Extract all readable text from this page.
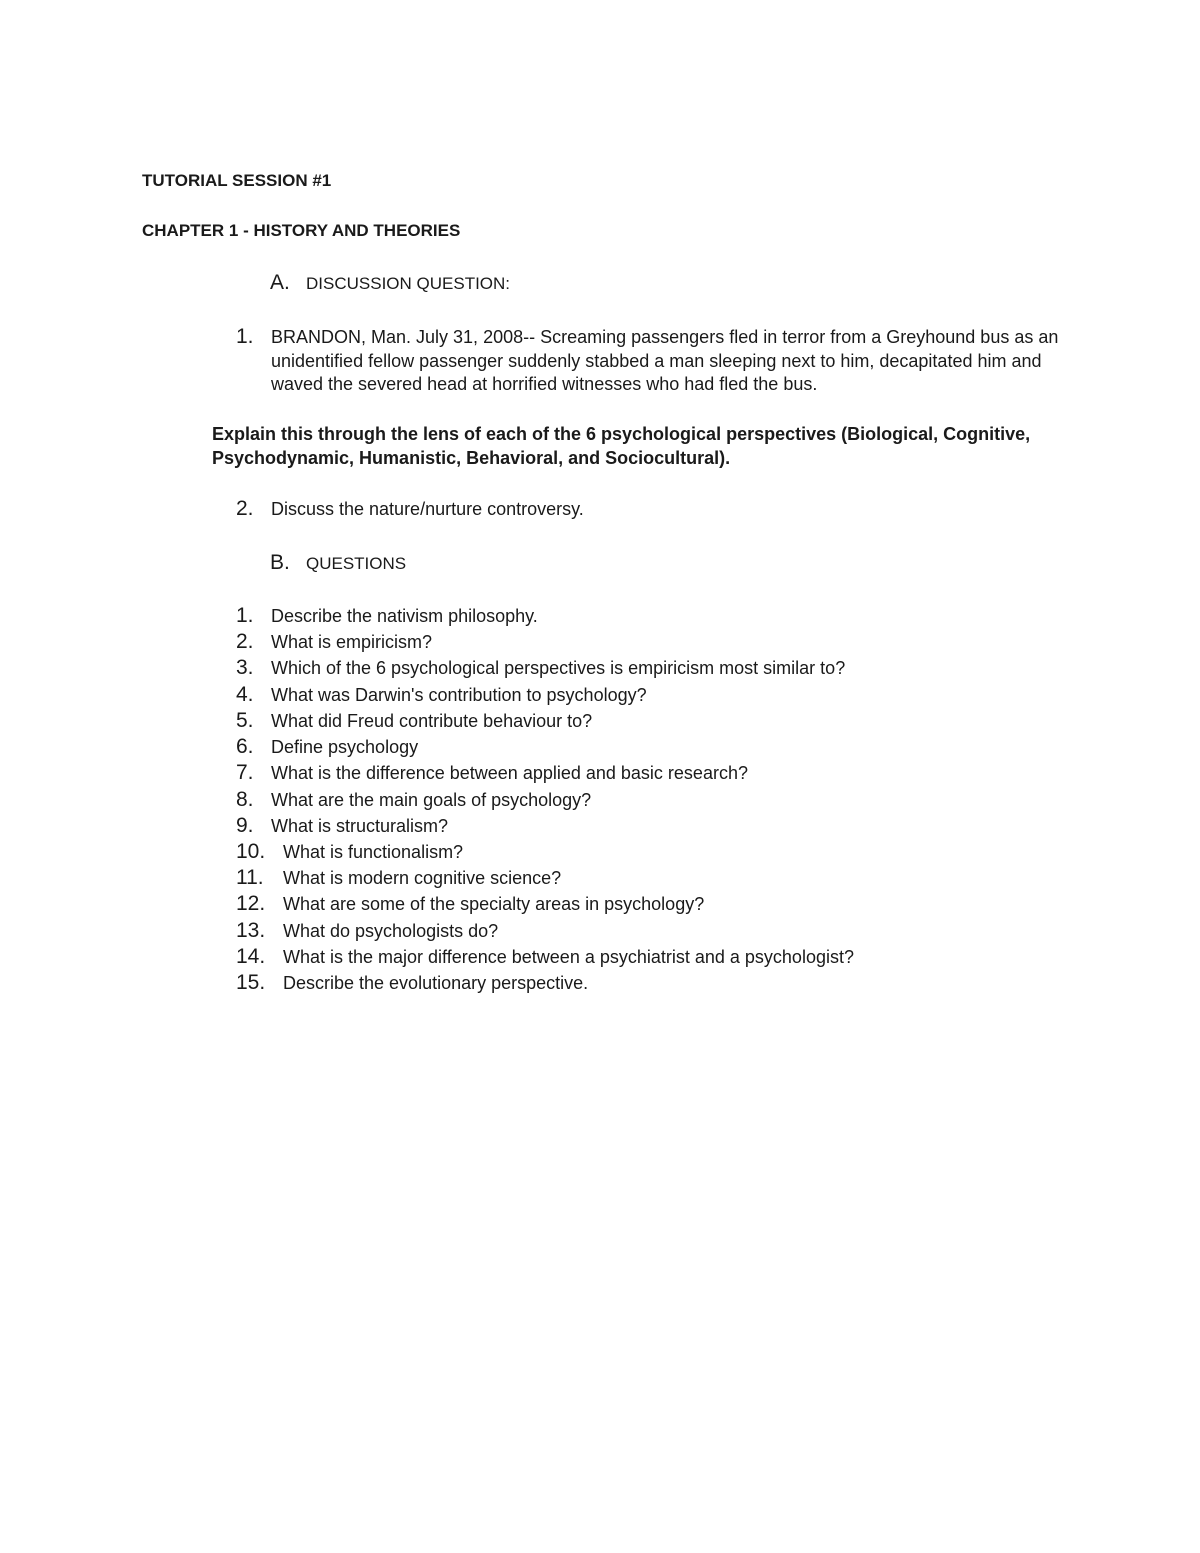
TUTORIAL SESSION #1
CHAPTER 1 - HISTORY AND THEORIES
A. DISCUSSION QUESTION:
1. BRANDON, Man. July 31, 2008-- Screaming passengers fled in terror from a Greyhound bus as an unidentified fellow passenger suddenly stabbed a man sleeping next to him, decapitated him and waved the severed head at horrified witnesses who had fled the bus.
Explain this through the lens of each of the 6 psychological perspectives (Biological, Cognitive, Psychodynamic, Humanistic, Behavioral, and Sociocultural).
2. Discuss the nature/nurture controversy.
B. QUESTIONS
1. Describe the nativism philosophy.
2. What is empiricism?
3. Which of the 6 psychological perspectives is empiricism most similar to?
4. What was Darwin's contribution to psychology?
5. What did Freud contribute behaviour to?
6. Define psychology
7. What is the difference between applied and basic research?
8. What are the main goals of psychology?
9. What is structuralism?
10. What is functionalism?
11. What is modern cognitive science?
12. What are some of the specialty areas in psychology?
13. What do psychologists do?
14. What is the major difference between a psychiatrist and a psychologist?
15. Describe the evolutionary perspective.
